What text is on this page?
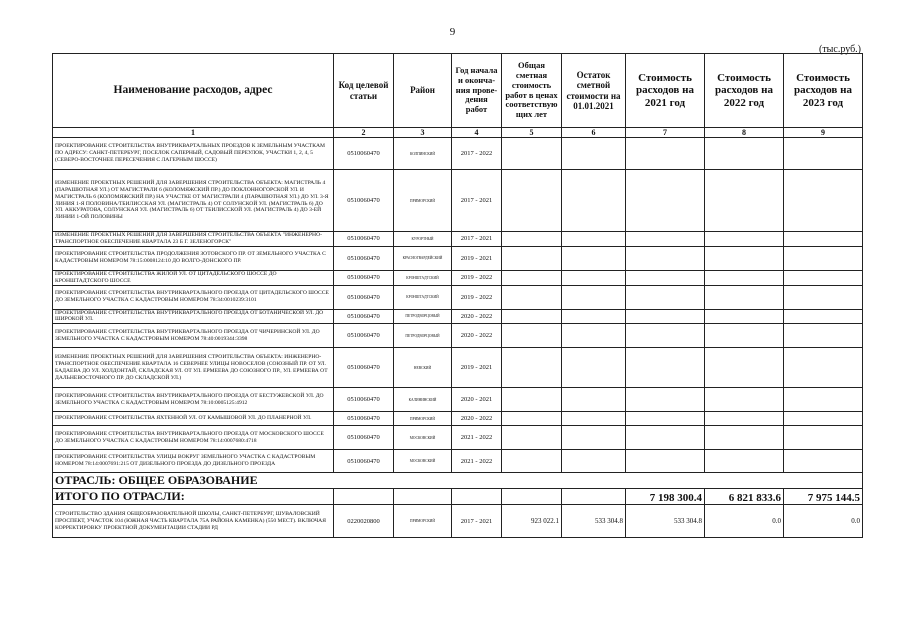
9
(тыс.руб.)
Наименование расходов, адрес	Код целевой статьи	Район	Год начала и оконча-ния прове-дения работ	Общая сметная стоимость работ в ценах соответствую щих лет	Остаток сметной стоимости на 01.01.2021	Стоимость расходов на 2021 год	Стоимость расходов на 2022 год	Стоимость расходов на 2023 год
1	2	3	4	5	6	7	8	9
ПРОЕКТИРОВАНИЕ СТРОИТЕЛЬСТВА ВНУТРИКВАРТАЛЬНЫХ ПРОЕЗДОВ К ЗЕМЕЛЬНЫМ УЧАСТКАМ ПО АДРЕСУ: САНКТ-ПЕТЕРБУРГ, ПОСЕЛОК САПЕРНЫЙ, САДОВЫЙ ПЕРЕУЛОК, УЧАСТКИ 1, 2, 4, 5 (СЕВЕРО-ВОСТОЧНЕЕ ПЕРЕСЕЧЕНИЯ С ЛАГЕРНЫМ ШОССЕ)	0510060470	КОЛПИНСКИЙ	2017 - 2022					
ИЗМЕНЕНИЕ ПРОЕКТНЫХ РЕШЕНИЙ ДЛЯ ЗАВЕРШЕНИЯ СТРОИТЕЛЬСТВА ОБЪЕКТА: МАГИСТРАЛЬ 4 (ПАРАШЮТНАЯ УЛ.) ОТ МАГИСТРАЛИ 6 (КОЛОМЯЖСКИЙ ПР.) ДО ПОКЛОННОГОРСКОЙ УЛ. И МАГИСТРАЛЬ 6 (КОЛОМЯЖСКИЙ ПР.) НА УЧАСТКЕ ОТ МАГИСТРАЛИ 4 (ПАРАШЮТНАЯ УЛ.) ДО УЛ. 3-Я ЛИНИЯ 1-Я ПОЛОВИНА/ТБИЛИССКАЯ УЛ. (МАГИСТРАЛЬ 4) ОТ СОЛУНСКОЙ УЛ. (МАГИСТРАЛЬ 6) ДО УЛ. АККУРАТОВА, СОЛУНСКАЯ УЛ. (МАГИСТРАЛЬ 6) ОТ ТБИЛИССКОЙ УЛ. (МАГИСТРАЛЬ 4) ДО 3-ЕЙ ЛИНИИ 1-ОЙ ПОЛОВИНЫ	0510060470	ПРИМОРСКИЙ	2017 - 2021					
ИЗМЕНЕНИЕ ПРОЕКТНЫХ РЕШЕНИЙ ДЛЯ ЗАВЕРШЕНИЯ СТРОИТЕЛЬСТВА ОБЪЕКТА "ИНЖЕНЕРНО-ТРАНСПОРТНОЕ ОБЕСПЕЧЕНИЕ КВАРТАЛА 23 Б Г. ЗЕЛЕНОГОРСК"	0510060470	КУРОРТНЫЙ	2017 - 2021					
ПРОЕКТИРОВАНИЕ СТРОИТЕЛЬСТВА ПРОДОЛЖЕНИЯ ЗОТОВСКОГО ПР. ОТ ЗЕМЕЛЬНОГО УЧАСТКА С КАДАСТРОВЫМ НОМЕРОМ 78:15:0008124:10 ДО ВОЛГО-ДОНСКОГО ПР.	0510060470	КРАСНОГВАРДЕЙСКИЙ	2019 - 2021					
ПРОЕКТИРОВАНИЕ СТРОИТЕЛЬСТВА ЖИЛОЙ УЛ. ОТ ЦИТАДЕЛЬСКОГО ШОССЕ ДО КРОНШТАДТСКОГО ШОССЕ	0510060470	КРОНШТАДТСКИЙ	2019 - 2022					
ПРОЕКТИРОВАНИЕ СТРОИТЕЛЬСТВА ВНУТРИКВАРТАЛЬНОГО ПРОЕЗДА ОТ ЦИТАДЕЛЬСКОГО ШОССЕ ДО ЗЕМЕЛЬНОГО УЧАСТКА С КАДАСТРОВЫМ НОМЕРОМ 78:34:0010239:3101	0510060470	КРОНШТАДТСКИЙ	2019 - 2022					
ПРОЕКТИРОВАНИЕ СТРОИТЕЛЬСТВА ВНУТРИКВАРТАЛЬНОГО ПРОЕЗДА ОТ БОТАНИЧЕСКОЙ УЛ. ДО ШИРОКОЙ УЛ.	0510060470	ПЕТРОДВОРЦОВЫЙ	2020 - 2022					
ПРОЕКТИРОВАНИЕ СТРОИТЕЛЬСТВА ВНУТРИКВАРТАЛЬНОГО ПРОЕЗДА ОТ ЧИЧЕРИНСКОЙ УЛ. ДО ЗЕМЕЛЬНОГО УЧАСТКА С КАДАСТРОВЫМ НОМЕРОМ 78:40:0019344:3398	0510060470	ПЕТРОДВОРЦОВЫЙ	2020 - 2022					
ИЗМЕНЕНИЕ ПРОЕКТНЫХ РЕШЕНИЙ ДЛЯ ЗАВЕРШЕНИЯ СТРОИТЕЛЬСТВА ОБЪЕКТА: ИНЖЕНЕРНО-ТРАНСПОРТНОЕ ОБЕСПЕЧЕНИЕ КВАРТАЛА 16 СЕВЕРНЕЕ УЛИЦЫ НОВОСЕЛОВ (СОЮЗНЫЙ ПР. ОТ УЛ. БАДАЕВА ДО УЛ. ХОЛДОНТАЙ, СКЛАДСКАЯ УЛ. ОТ УЛ. ЕРМЕЕВА ДО СОЮЗНОГО ПР., УЛ. ЕРМЕЕВА ОТ ДАЛЬНЕВОСТОЧНОГО ПР. ДО СКЛАДСКОЙ УЛ.)	0510060470	НЕВСКИЙ	2019 - 2021					
ПРОЕКТИРОВАНИЕ СТРОИТЕЛЬСТВА ВНУТРИКВАРТАЛЬНОГО ПРОЕЗДА ОТ БЕСТУЖЕВСКОЙ УЛ. ДО ЗЕМЕЛЬНОГО УЧАСТКА С КАДАСТРОВЫМ НОМЕРОМ 78:10:0005125:4912	0510060470	КАЛИНИНСКИЙ	2020 - 2021					
ПРОЕКТИРОВАНИЕ СТРОИТЕЛЬСТВА ЯХТЕННОЙ УЛ. ОТ КАМЫШОВОЙ УЛ. ДО ПЛАНЕРНОЙ УЛ.	0510060470	ПРИМОРСКИЙ	2020 - 2022					
ПРОЕКТИРОВАНИЕ СТРОИТЕЛЬСТВА ВНУТРИКВАРТАЛЬНОГО ПРОЕЗДА ОТ МОСКОВСКОГО ШОССЕ ДО ЗЕМЕЛЬНОГО УЧАСТКА С КАДАСТРОВЫМ НОМЕРОМ 78:14:0007680:4718	0510060470	МОСКОВСКИЙ	2021 - 2022					
ПРОЕКТИРОВАНИЕ СТРОИТЕЛЬСТВА УЛИЦЫ ВОКРУГ ЗЕМЕЛЬНОГО УЧАСТКА С КАДАСТРОВЫМ НОМЕРОМ 78:14:0007691:215 ОТ ДИЗЕЛЬНОГО ПРОЕЗДА ДО ДИЗЕЛЬНОГО ПРОЕЗДА	0510060470	МОСКОВСКИЙ	2021 - 2022					
ОТРАСЛЬ: ОБЩЕЕ ОБРАЗОВАНИЕ								
ИТОГО ПО ОТРАСЛИ:						7 198 300.4	6 821 833.6	7 975 144.5
СТРОИТЕЛЬСТВО ЗДАНИЯ ОБЩЕОБРАЗОВАТЕЛЬНОЙ ШКОЛЫ, САНКТ-ПЕТЕРБУРГ, ШУВАЛОВСКИЙ ПРОСПЕКТ, УЧАСТОК 104 (ЮЖНАЯ ЧАСТЬ КВАРТАЛА 75А РАЙОНА КАМЕНКА) (550 МЕСТ). ВКЛЮЧАЯ КОРРЕКТИРОВКУ ПРОЕКТНОЙ ДОКУМЕНТАЦИИ СТАДИИ РД	0220020800	ПРИМОРСКИЙ	2017 - 2021	923 022.1	533 304.8	533 304.8	0.0	0.0
